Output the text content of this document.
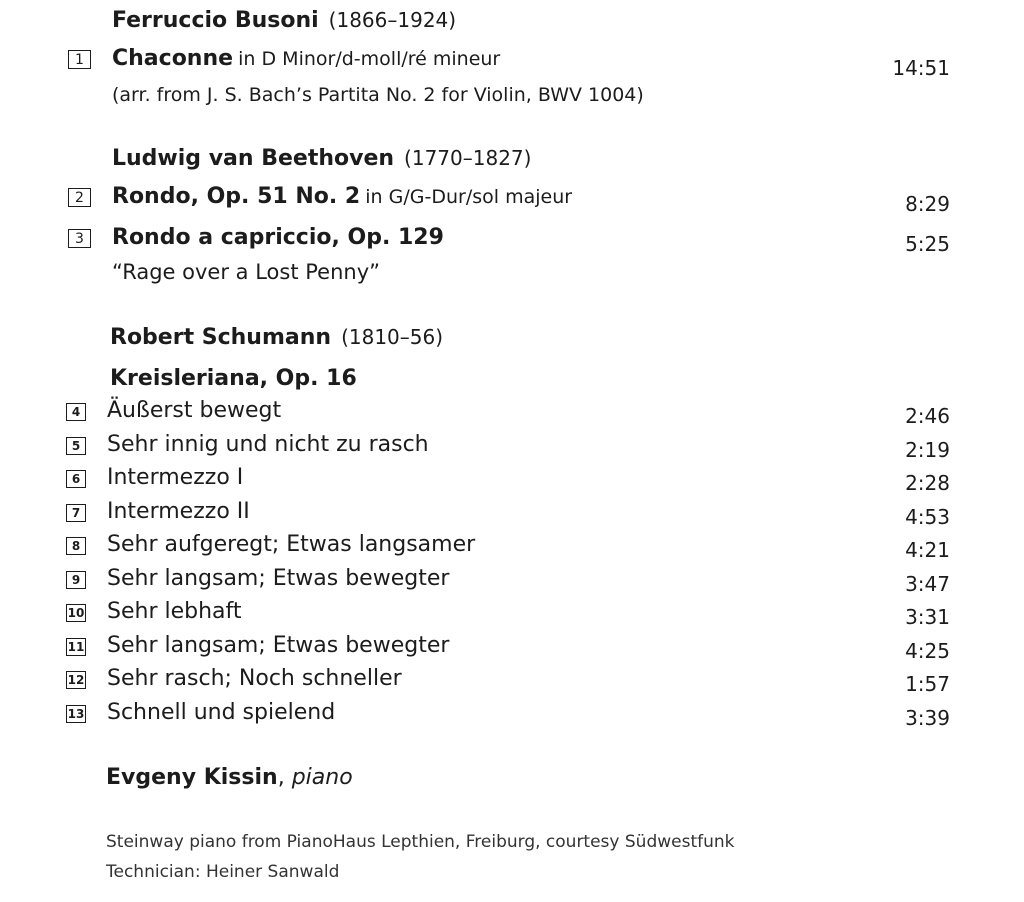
Ferruccio Busoni (1866–1924)
1	Chaconne in D Minor/d-moll/ré mineur	14:51
(arr. from J. S. Bach’s Partita No. 2 for Violin, BWV 1004)
Ludwig van Beethoven (1770–1827)
2	Rondo, Op. 51 No. 2 in G/G-Dur/sol majeur	8:29
3	Rondo a capriccio, Op. 129	5:25
“Rage over a Lost Penny”
Robert Schumann (1810–56)
Kreisleriana, Op. 16
4 Äußerst bewegt	2:46
5 Sehr innig und nicht zu rasch	2:19
6 Intermezzo I	2:28
7 Intermezzo II	4:53
8 Sehr aufgeregt; Etwas langsamer	4:21
9 Sehr langsam; Etwas bewegter	3:47
10 Sehr lebhaft	3:31
11 Sehr langsam; Etwas bewegter	4:25
12 Sehr rasch; Noch schneller	1:57
13 Schnell und spielend	3:39
Evgeny Kissin, piano
Steinway piano from PianoHaus Lepthien, Freiburg, courtesy Südwestfunk
Technician: Heiner Sanwald
